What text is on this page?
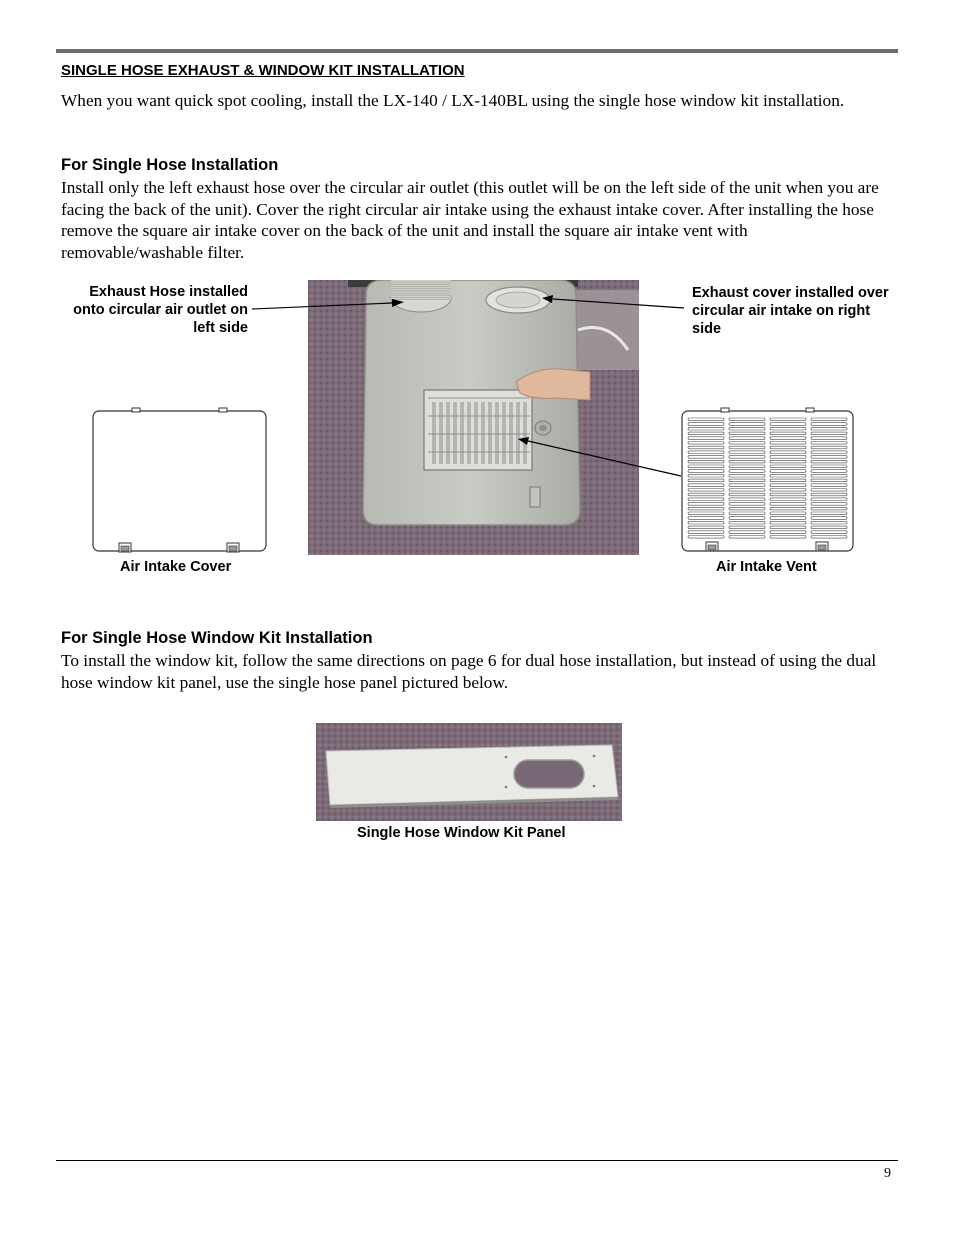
SINGLE HOSE EXHAUST & WINDOW KIT INSTALLATION

When you want quick spot cooling, install the LX-140 / LX-140BL using the single hose window kit installation.

For Single Hose Installation

Install only the left exhaust hose over the circular air outlet (this outlet will be on the left side of the unit when you are facing the back of the unit). Cover the right circular air intake using the exhaust intake cover. After installing the hose remove the square air intake cover on the back of the unit and install the square air intake vent with removable/washable filter.

Exhaust Hose installed onto circular air outlet on left side
Exhaust cover installed over circular air intake on right side
Air Intake Cover	Air Intake Vent
For Single Hose Window Kit Installation

To install the window kit, follow the same directions on page 6 for dual hose installation, but instead of using the dual hose window kit panel, use the single hose panel pictured below.

Single Hose Window Kit Panel
9
